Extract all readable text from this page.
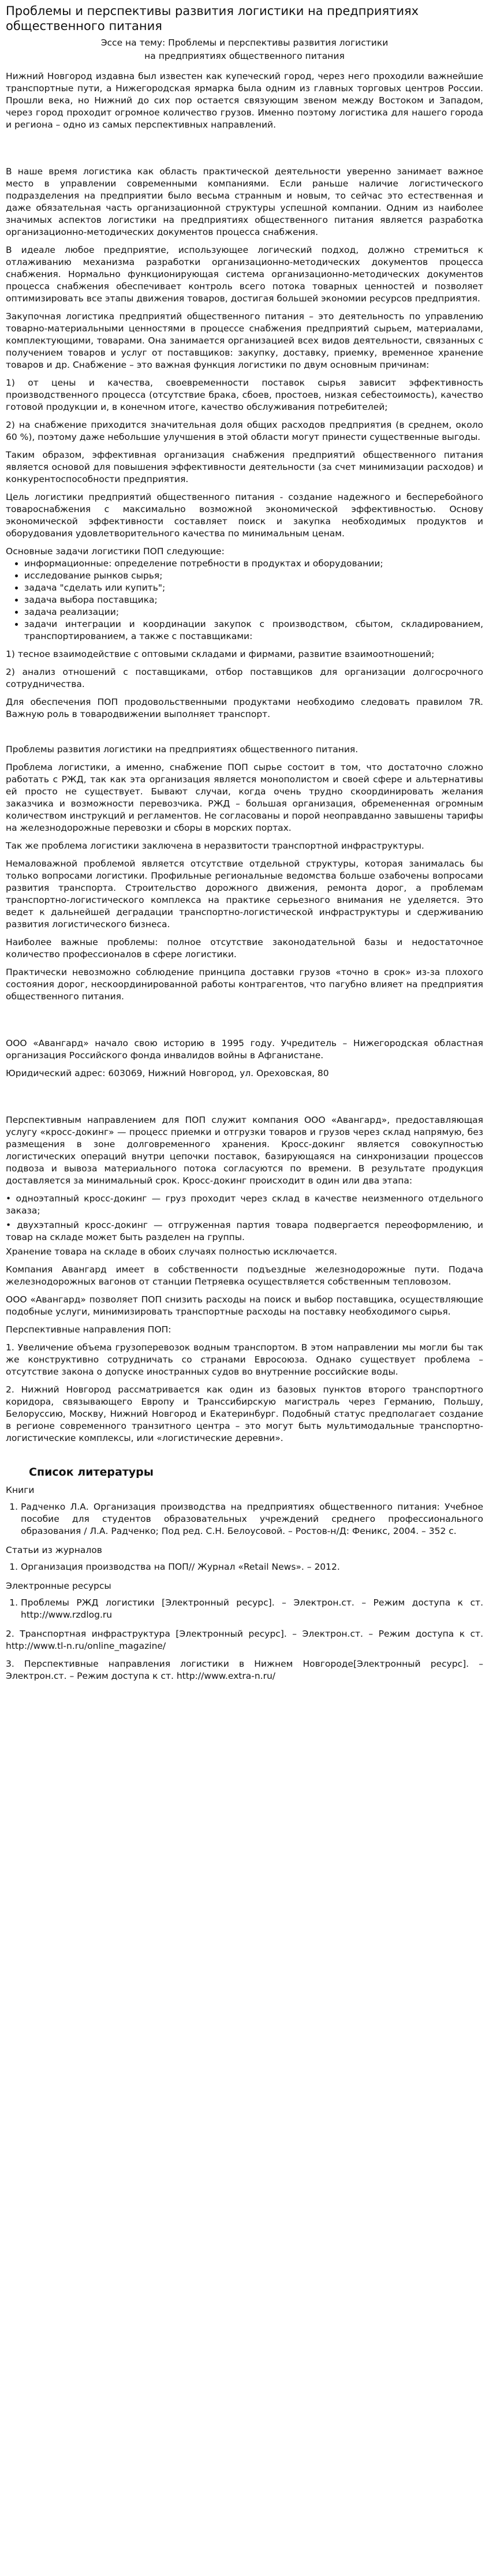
Проблемы и перспективы развития логистики на предприятиях общественного питания
Эссе на тему: Проблемы и перспективы развития логистики
на предприятиях общественного питания

Нижний Новгород издавна был известен как купеческий город, через него проходили важнейшие транспортные пути, а Нижегородская ярмарка была одним из главных торговых центров России. Прошли века, но Нижний до сих пор остается связующим звеном между Востоком и Западом, через город проходит огромное количество грузов. Именно поэтому логистика для нашего города и региона – одно из самых перспективных направлений.

В наше время логистика как область практической деятельности уверенно занимает важное место в управлении современными компаниями. Если раньше наличие логистического подразделения на предприятии было весьма странным и новым, то сейчас это естественная и даже обязательная часть организационной структуры успешной компании. Одним из наиболее значимых аспектов логистики на предприятиях общественного питания является разработка организационно-методических документов процесса снабжения.

В идеале любое предприятие, использующее логический подход, должно стремиться к отлаживанию механизма разработки организационно-методических документов процесса снабжения. Нормально функционирующая система организационно-методических документов процесса снабжения обеспечивает контроль всего потока товарных ценностей и позволяет оптимизировать все этапы движения товаров, достигая большей экономии ресурсов предприятия.

Закупочная логистика предприятий общественного питания – это деятельность по управлению товарно-материальными ценностями в процессе снабжения предприятий сырьем, материалами, комплектующими, товарами. Она занимается организацией всех видов деятельности, связанных с получением товаров и услуг от поставщиков: закупку, доставку, приемку, временное хранение товаров и др. Снабжение – это важная функция логистики по двум основным причинам:

1) от цены и качества, своевременности поставок сырья зависит эффективность производственного процесса (отсутствие брака, сбоев, простоев, низкая себестоимость), качество готовой продукции и, в конечном итоге, качество обслуживания потребителей;

2) на снабжение приходится значительная доля общих расходов предприятия (в среднем, около 60 %), поэтому даже небольшие улучшения в этой области могут принести существенные выгоды.

Таким образом, эффективная организация снабжения предприятий общественного питания является основой для повышения эффективности деятельности (за счет минимизации расходов) и конкурентоспособности предприятия.

Цель логистики предприятий общественного питания - создание надежного и бесперебойного товароснабжения с максимально возможной экономической эффективностью. Основу экономической эффективности составляет поиск и закупка необходимых продуктов и оборудования удовлетворительного качества по минимальным ценам.

Основные задачи логистики ПОП следующие:
• информационные: определение потребности в продуктах и оборудовании;
• исследование рынков сырья;
• задача "сделать или купить";
• задача выбора поставщика;
• задача реализации;
• задачи интеграции и координации закупок с производством, сбытом, складированием, транспортированием, а также с поставщиками:

1) тесное взаимодействие с оптовыми складами и фирмами, развитие взаимоотношений;

2) анализ отношений с поставщиками, отбор поставщиков для организации долгосрочного сотрудничества.

Для обеспечения ПОП продовольственными продуктами необходимо следовать правилом 7R. Важную роль в товародвижении выполняет транспорт.

Проблемы развития логистики на предприятиях общественного питания.

Проблема логистики, а именно, снабжение ПОП сырье состоит в том, что достаточно сложно работать с РЖД, так как эта организация является монополистом и своей сфере и альтернативы ей просто не существует. Бывают случаи, когда очень трудно скоординировать желания заказчика и возможности перевозчика. РЖД – большая организация, обремененная огромным количеством инструкций и регламентов. Не согласованы и порой неоправданно завышены тарифы на железнодорожные перевозки и сборы в морских портах.

Так же проблема логистики заключена в неразвитости транспортной инфраструктуры.

Немаловажной проблемой является отсутствие отдельной структуры, которая занималась бы только вопросами логистики. Профильные региональные ведомства больше озабочены вопросами развития транспорта. Строительство дорожного движения, ремонта дорог, а проблемам транспортно-логистического комплекса на практике серьезного внимания не уделяется. Это ведет к дальнейшей деградации транспортно-логистической инфраструктуры и сдерживанию развития логистического бизнеса.

Наиболее важные проблемы: полное отсутствие законодательной базы и недостаточное количество профессионалов в сфере логистики.

Практически невозможно соблюдение принципа доставки грузов «точно в срок» из-за плохого состояния дорог, нескоординированной работы контрагентов, что пагубно влияет на предприятия общественного питания.

ООО «Авангард» начало свою историю в 1995 году. Учредитель – Нижегородская областная организация Российского фонда инвалидов войны в Афганистане.

Юридический адрес: 603069, Нижний Новгород, ул. Ореховская, 80

Перспективным направлением для ПОП служит компания ООО «Авангард», предоставляющая услугу «кросс-докинг» — процесс приемки и отгрузки товаров и грузов через склад напрямую, без размещения в зоне долговременного хранения. Кросс-докинг является совокупностью логистических операций внутри цепочки поставок, базирующаяся на синхронизации процессов подвоза и вывоза материального потока согласуются по времени. В результате продукция доставляется за минимальный срок. Кросс-докинг происходит в один или два этапа:

• одноэтапный кросс-докинг — груз проходит через склад в качестве неизменного отдельного заказа;

• двухэтапный кросс-докинг — отгруженная партия товара подвергается переоформлению, и товар на складе может быть разделен на группы.

Хранение товара на складе в обоих случаях полностью исключается.

Компания Авангард имеет в собственности подъездные железнодорожные пути. Подача железнодорожных вагонов от станции Петряевка осуществляется собственным тепловозом.

ООО «Авангард» позволяет ПОП снизить расходы на поиск и выбор поставщика, осуществляющие подобные услуги, минимизировать транспортные расходы на поставку необходимого сырья.

Перспективные направления ПОП:

1. Увеличение объема грузоперевозок водным транспортом. В этом направлении мы могли бы так же конструктивно сотрудничать со странами Евросоюза. Однако существует проблема – отсутствие закона о допуске иностранных судов во внутренние российские воды.

2. Нижний Новгород рассматривается как один из базовых пунктов второго транспортного коридора, связывающего Европу и Транссибирскую магистраль через Германию, Польшу, Белоруссию, Москву, Нижний Новгород и Екатеринбург. Подобный статус предполагает создание в регионе современного транзитного центра – это могут быть мультимодальные транспортно-логистические комплексы, или «логистические деревни».

Список литературы
Книги
1. Радченко Л.А. Организация производства на предприятиях общественного питания: Учебное пособие для студентов образовательных учреждений среднего профессионального образования / Л.А. Радченко; Под ред. С.Н. Белоусовой. – Ростов-н/Д: Феникс, 2004. – 352 с.
Статьи из журналов
1. Организация производства на ПОП// Журнал «Retail News». – 2012.
Электронные ресурсы
1. Проблемы РЖД логистики [Электронный ресурс]. – Электрон.ст. – Режим доступа к ст. http://www.rzdlog.ru

2. Транспортная инфраструктура [Электронный ресурс]. – Электрон.ст. – Режим доступа к ст. http://www.tl-n.ru/online_magazine/

3. Перспективные направления логистики в Нижнем Новгороде[Электронный ресурс]. – Электрон.ст. – Режим доступа к ст. http://www.extra-n.ru/
